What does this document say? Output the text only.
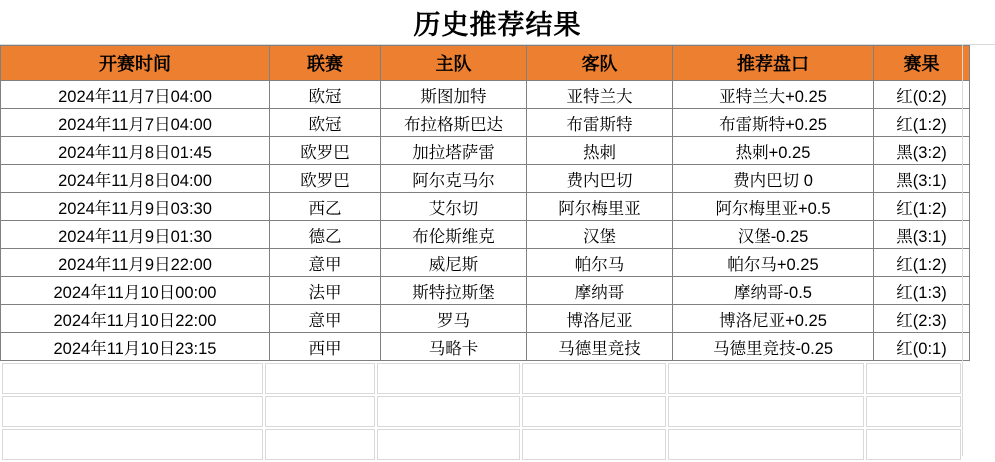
历史推荐结果
开赛时间	联赛	主队	客队	推荐盘口	赛果
2024年11月7日04:00	欧冠	斯图加特	亚特兰大	亚特兰大+0.25	红(0:2)
2024年11月7日04:00	欧冠	布拉格斯巴达	布雷斯特	布雷斯特+0.25	红(1:2)
2024年11月8日01:45	欧罗巴	加拉塔萨雷	热刺	热刺+0.25	黑(3:2)
2024年11月8日04:00	欧罗巴	阿尔克马尔	费内巴切	费内巴切 0	黑(3:1)
2024年11月9日03:30	西乙	艾尔切	阿尔梅里亚	阿尔梅里亚+0.5	红(1:2)
2024年11月9日01:30	德乙	布伦斯维克	汉堡	汉堡-0.25	黑(3:1)
2024年11月9日22:00	意甲	威尼斯	帕尔马	帕尔马+0.25	红(1:2)
2024年11月10日00:00	法甲	斯特拉斯堡	摩纳哥	摩纳哥-0.5	红(1:3)
2024年11月10日22:00	意甲	罗马	博洛尼亚	博洛尼亚+0.25	红(2:3)
2024年11月10日23:15	西甲	马略卡	马德里竞技	马德里竞技-0.25	红(0:1)
